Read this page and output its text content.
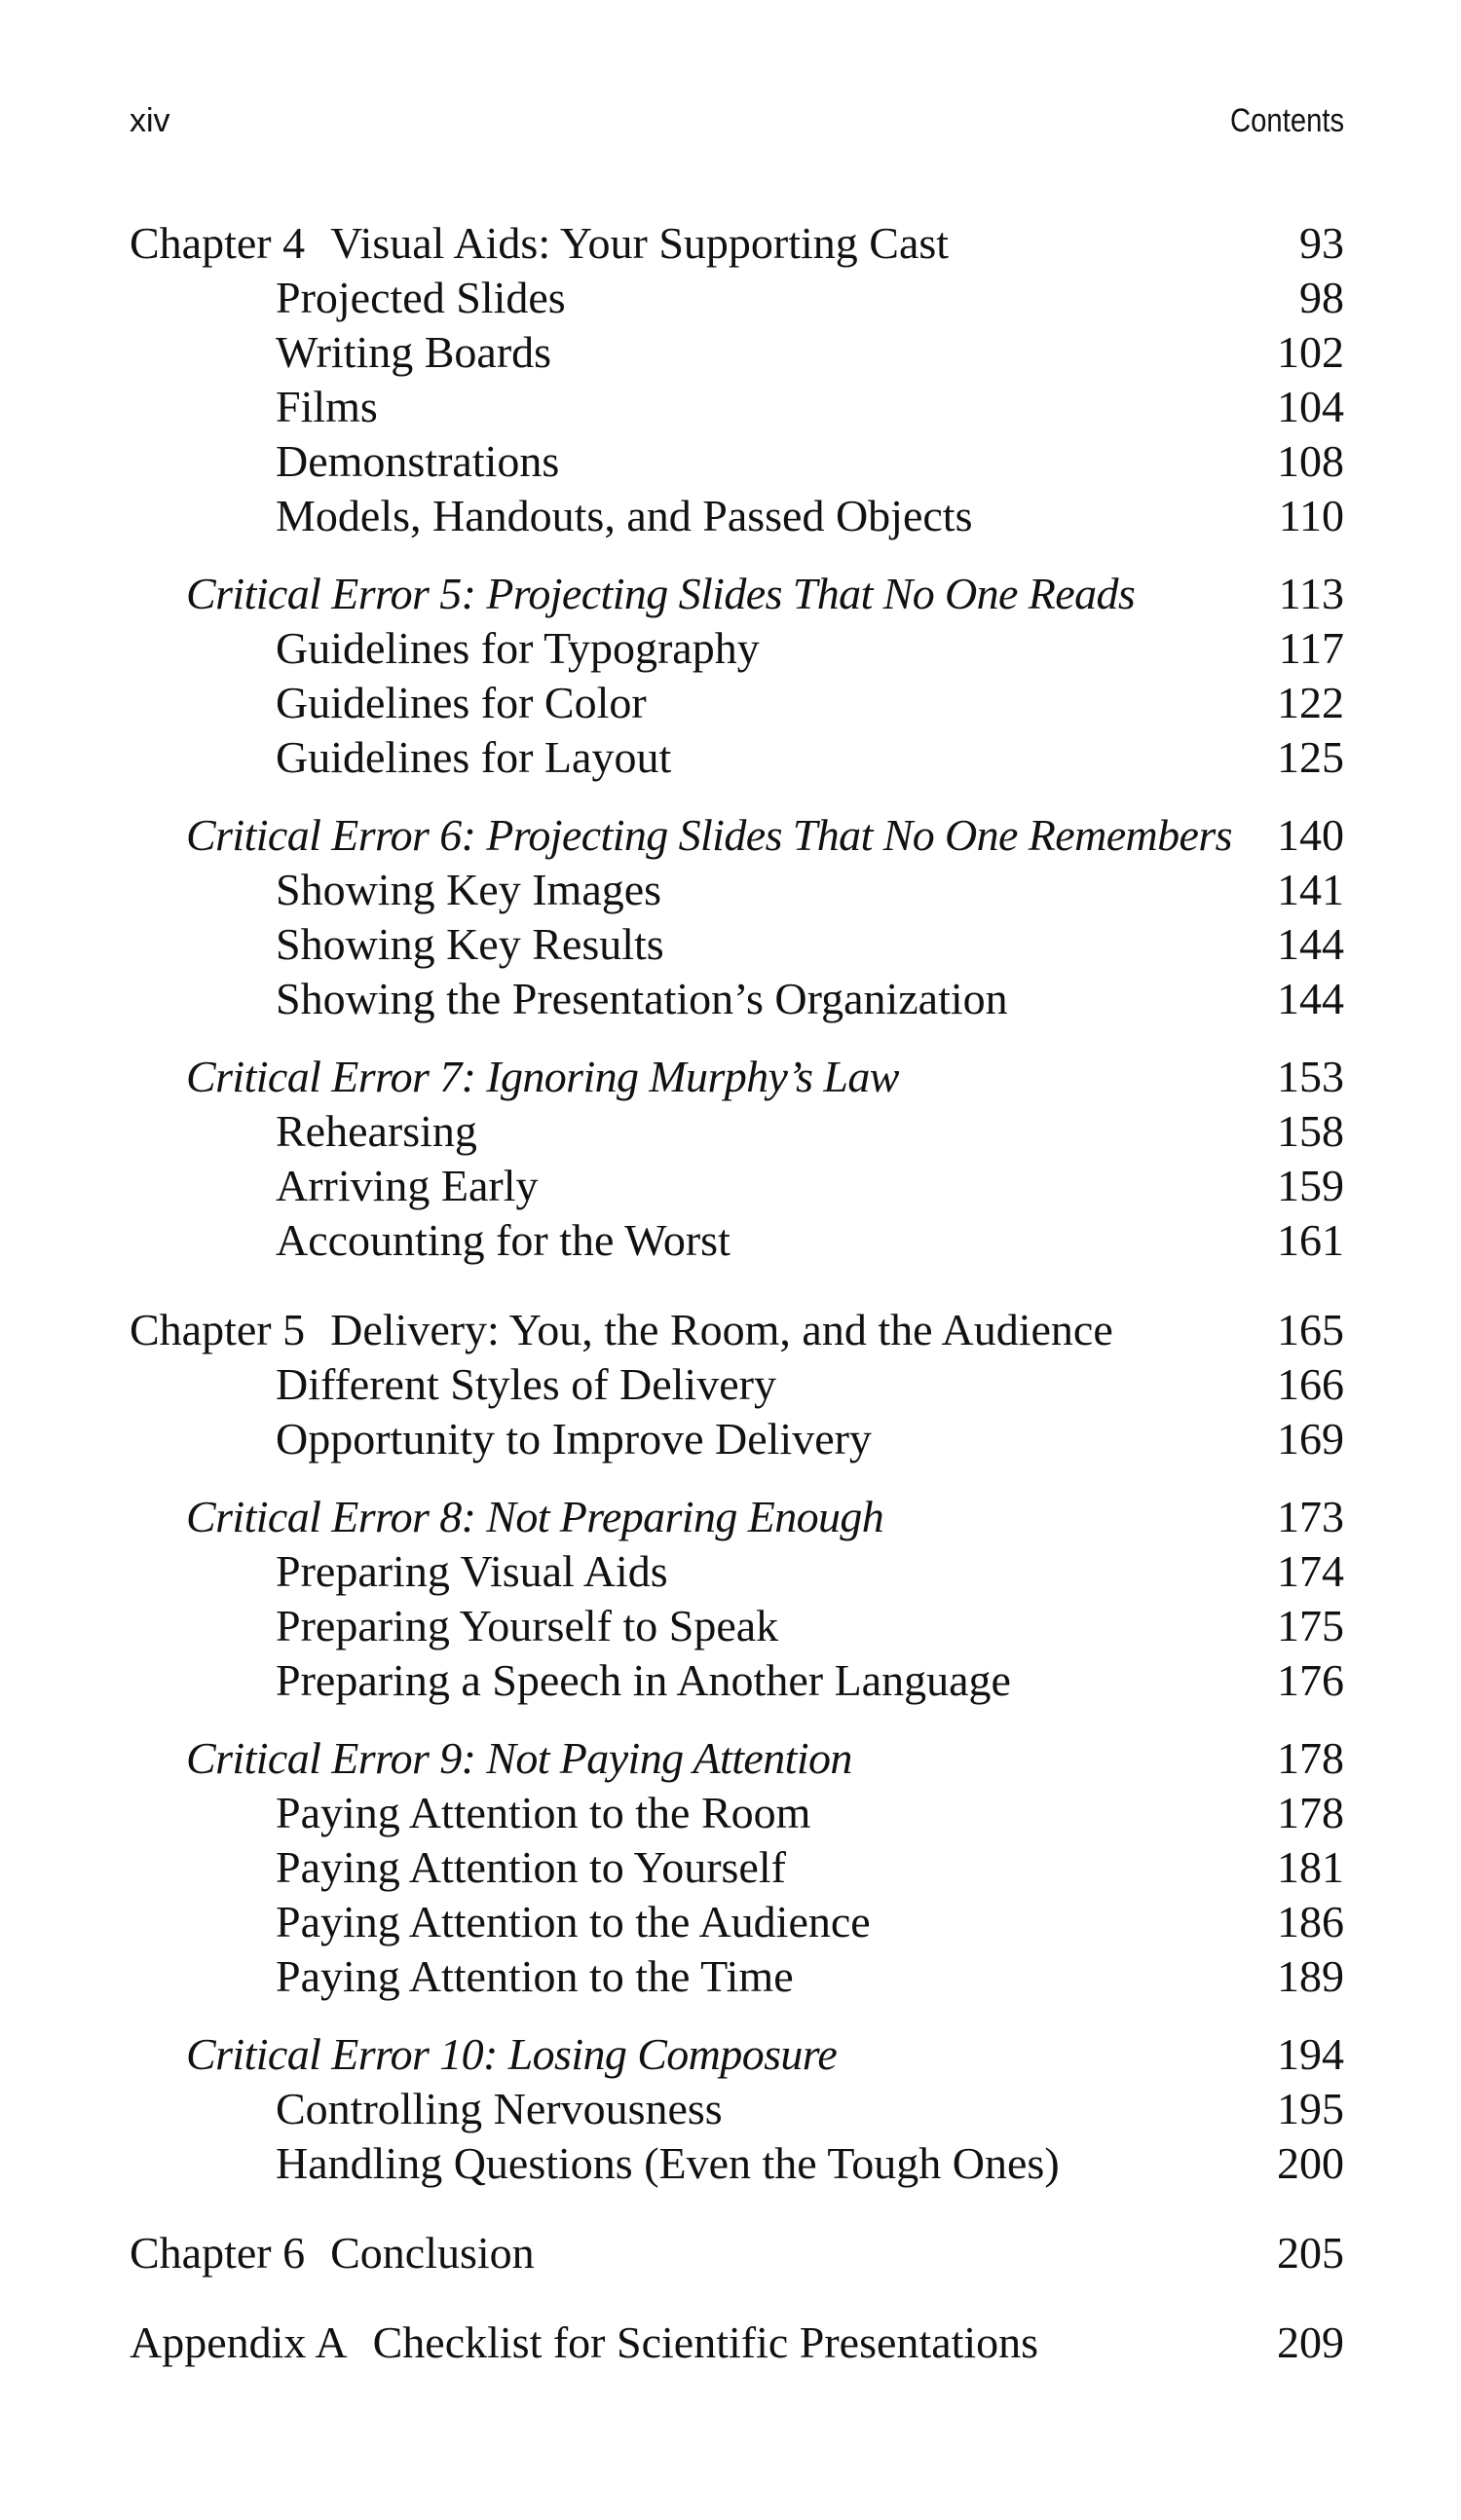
xiv	Contents
Chapter 4 Visual Aids: Your Supporting Cast	93
Projected Slides	98
Writing Boards	102
Films	104
Demonstrations	108
Models, Handouts, and Passed Objects	110
Critical Error 5: Projecting Slides That No One Reads	113
Guidelines for Typography	117
Guidelines for Color	122
Guidelines for Layout	125
Critical Error 6: Projecting Slides That No One Remembers 140
Showing Key Images	141
Showing Key Results	144
Showing the Presentation’s Organization	144
Critical Error 7: Ignoring Murphy’s Law	153
Rehearsing	158
Arriving Early	159
Accounting for the Worst	161
Chapter 5 Delivery: You, the Room, and the Audience	165
Different Styles of Delivery	166
Opportunity to Improve Delivery	169
Critical Error 8: Not Preparing Enough	173
Preparing Visual Aids	174
Preparing Yourself to Speak	175
Preparing a Speech in Another Language	176
Critical Error 9: Not Paying Attention	178
Paying Attention to the Room	178
Paying Attention to Yourself	181
Paying Attention to the Audience	186
Paying Attention to the Time	189
Critical Error 10: Losing Composure	194
Controlling Nervousness	195
Handling Questions (Even the Tough Ones)	200
Chapter 6 Conclusion	205
Appendix A Checklist for Scientific Presentations	209
